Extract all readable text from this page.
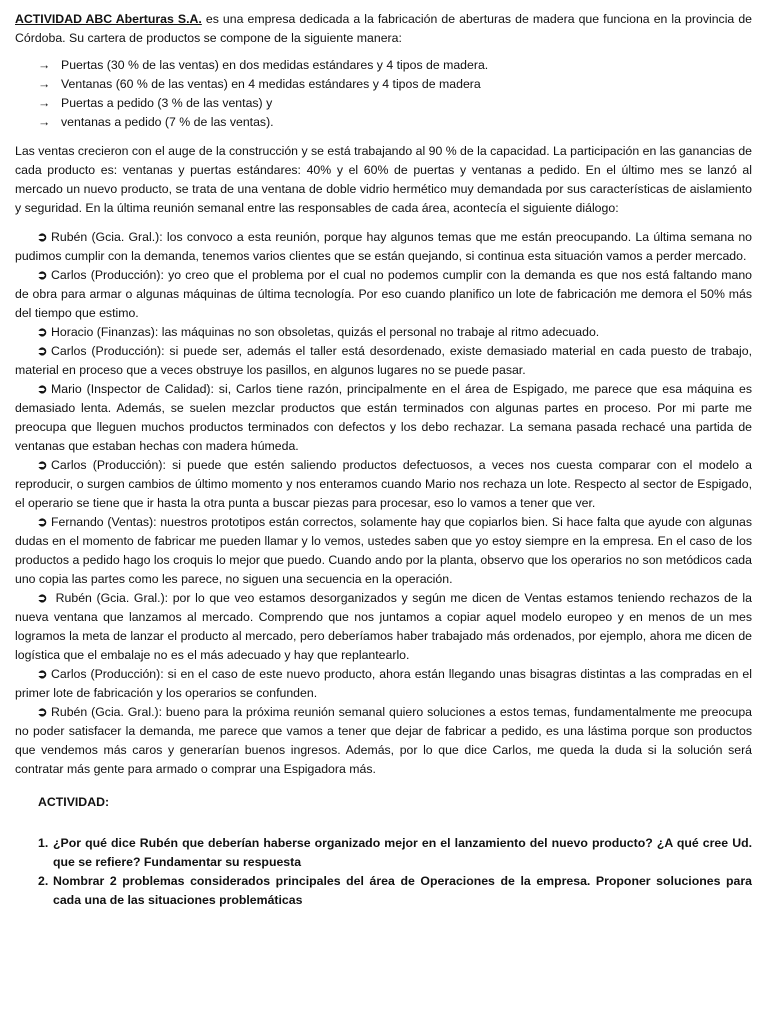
ACTIVIDAD ABC Aberturas S.A. es una empresa dedicada a la fabricación de aberturas de madera que funciona en la provincia de Córdoba. Su cartera de productos se compone de la siguiente manera:

→ Puertas (30 % de las ventas) en dos medidas estándares y 4 tipos de madera.
→ Ventanas (60 % de las ventas) en 4 medidas estándares y 4 tipos de madera
→ Puertas a pedido (3 % de las ventas) y
→ ventanas a pedido (7 % de las ventas).

Las ventas crecieron con el auge de la construcción y se está trabajando al 90 % de la capacidad. La participación en las ganancias de cada producto es: ventanas y puertas estándares: 40% y el 60% de puertas y ventanas a pedido. En el último mes se lanzó al mercado un nuevo producto, se trata de una ventana de doble vidrio hermético muy demandada por sus características de aislamiento y seguridad. En la última reunión semanal entre las responsables de cada área, acontecía el siguiente diálogo:

➲ Rubén (Gcia. Gral.): los convoco a esta reunión, porque hay algunos temas que me están preocupando. La última semana no pudimos cumplir con la demanda, tenemos varios clientes que se están quejando, si continua esta situación vamos a perder mercado.

➲ Carlos (Producción): yo creo que el problema por el cual no podemos cumplir con la demanda es que nos está faltando mano de obra para armar o algunas máquinas de última tecnología. Por eso cuando planifico un lote de fabricación me demora el 50% más del tiempo que estimo.

➲ Horacio (Finanzas): las máquinas no son obsoletas, quizás el personal no trabaje al ritmo adecuado.

➲ Carlos (Producción): si puede ser, además el taller está desordenado, existe demasiado material en cada puesto de trabajo, material en proceso que a veces obstruye los pasillos, en algunos lugares no se puede pasar.

➲ Mario (Inspector de Calidad): si, Carlos tiene razón, principalmente en el área de Espigado, me parece que esa máquina es demasiado lenta. Además, se suelen mezclar productos que están terminados con algunas partes en proceso. Por mi parte me preocupa que lleguen muchos productos terminados con defectos y los debo rechazar. La semana pasada rechacé una partida de ventanas que estaban hechas con madera húmeda.

➲ Carlos (Producción): si puede que estén saliendo productos defectuosos, a veces nos cuesta comparar con el modelo a reproducir, o surgen cambios de último momento y nos enteramos cuando Mario nos rechaza un lote. Respecto al sector de Espigado, el operario se tiene que ir hasta la otra punta a buscar piezas para procesar, eso lo vamos a tener que ver.

➲ Fernando (Ventas): nuestros prototipos están correctos, solamente hay que copiarlos bien. Si hace falta que ayude con algunas dudas en el momento de fabricar me pueden llamar y lo vemos, ustedes saben que yo estoy siempre en la empresa. En el caso de los productos a pedido hago los croquis lo mejor que puedo. Cuando ando por la planta, observo que los operarios no son metódicos cada uno copia las partes como les parece, no siguen una secuencia en la operación.

➲ Rubén (Gcia. Gral.): por lo que veo estamos desorganizados y según me dicen de Ventas estamos teniendo rechazos de la nueva ventana que lanzamos al mercado. Comprendo que nos juntamos a copiar aquel modelo europeo y en menos de un mes logramos la meta de lanzar el producto al mercado, pero deberíamos haber trabajado más ordenados, por ejemplo, ahora me dicen de logística que el embalaje no es el más adecuado y hay que replantearlo.

➲ Carlos (Producción): si en el caso de este nuevo producto, ahora están llegando unas bisagras distintas a las compradas en el primer lote de fabricación y los operarios se confunden.

➲ Rubén (Gcia. Gral.): bueno para la próxima reunión semanal quiero soluciones a estos temas, fundamentalmente me preocupa no poder satisfacer la demanda, me parece que vamos a tener que dejar de fabricar a pedido, es una lástima porque son productos que vendemos más caros y generarían buenos ingresos. Además, por lo que dice Carlos, me queda la duda si la solución será contratar más gente para armado o comprar una Espigadora más.

ACTIVIDAD:
1. ¿Por qué dice Rubén que deberían haberse organizado mejor en el lanzamiento del nuevo producto? ¿A qué cree Ud. que se refiere? Fundamentar su respuesta
2. Nombrar 2 problemas considerados principales del área de Operaciones de la empresa. Proponer soluciones para cada una de las situaciones problemáticas
